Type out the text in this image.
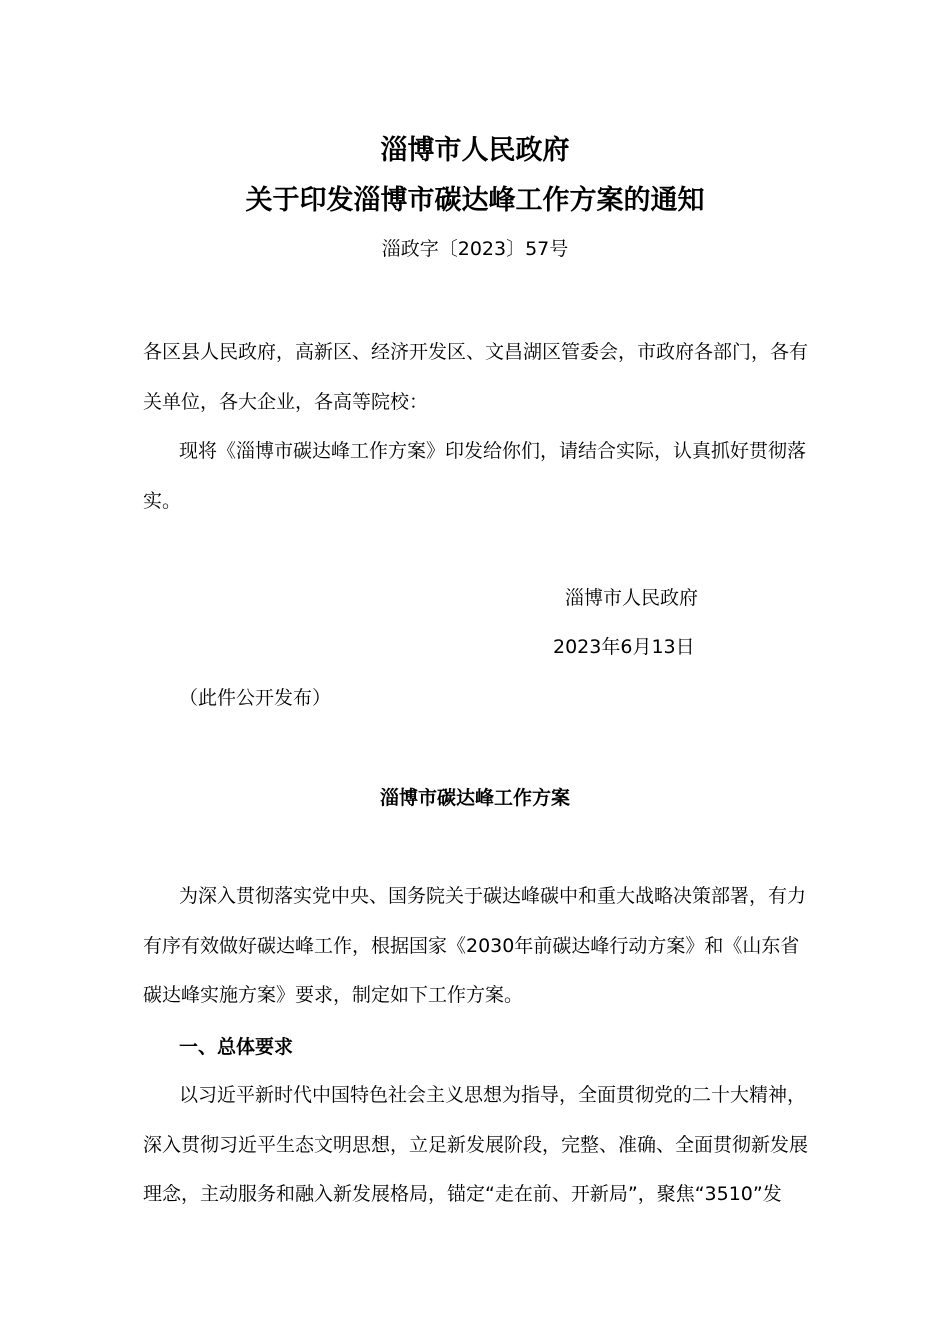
淄博市人民政府
关于印发淄博市碳达峰工作方案的通知
淄政字〔2023〕57号

各区县人民政府，高新区、经济开发区、文昌湖区管委会，市政府各部门，各有关单位，各大企业，各高等院校：

现将《淄博市碳达峰工作方案》印发给你们，请结合实际，认真抓好贯彻落实。

淄博市人民政府
2023年6月13日
（此件公开发布）
淄博市碳达峰工作方案

为深入贯彻落实党中央、国务院关于碳达峰碳中和重大战略决策部署，有力有序有效做好碳达峰工作，根据国家《2030年前碳达峰行动方案》和《山东省碳达峰实施方案》要求，制定如下工作方案。

一、总体要求

以习近平新时代中国特色社会主义思想为指导，全面贯彻党的二十大精神，深入贯彻习近平生态文明思想，立足新发展阶段，完整、准确、全面贯彻新发展理念，主动服务和融入新发展格局，锚定“走在前、开新局”，聚焦“3510”发
